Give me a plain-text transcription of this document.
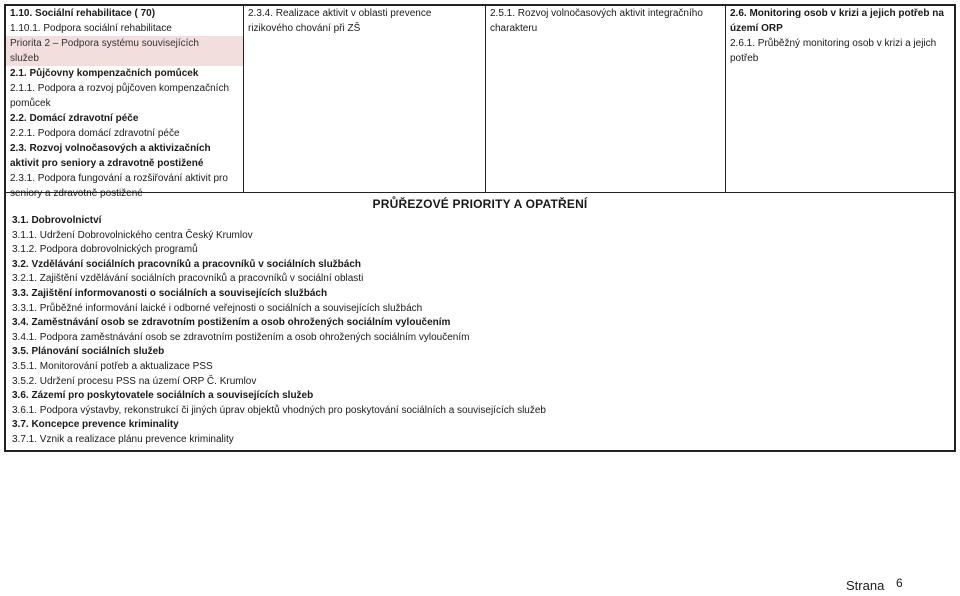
1.10. Sociální rehabilitace ( 70)
1.10.1. Podpora sociální rehabilitace
Priorita 2 – Podpora systému souvisejících
služeb
2.1. Půjčovny kompenzačních pomůcek
2.1.1. Podpora a rozvoj půjčoven kompenzačních
pomůcek
2.2. Domácí zdravotní péče
2.2.1. Podpora domácí zdravotní péče
2.3. Rozvoj volnočasových a aktivizačních
aktivit pro seniory a zdravotně postižené
2.3.1. Podpora fungování a rozšiřování aktivit pro
seniory a zdravotně postižené
2.3.4. Realizace aktivit v oblasti prevence
rizikového chování při ZŠ
2.5.1. Rozvoj volnočasových aktivit integračního
charakteru
2.6. Monitoring osob v krizi a jejich potřeb na
území ORP
2.6.1. Průběžný monitoring osob v krizi a jejich
potřeb
PRŮŘEZOVÉ PRIORITY A OPATŘENÍ
3.1. Dobrovolnictví
3.1.1. Udržení Dobrovolnického centra Český Krumlov
3.1.2. Podpora dobrovolnických programů
3.2. Vzdělávání sociálních pracovníků a pracovníků v sociálních službách
3.2.1. Zajištění vzdělávání sociálních pracovníků a pracovníků v sociální oblasti
3.3. Zajištění informovanosti o sociálních a souvisejících službách
3.3.1. Průběžné informování laické i odborné veřejnosti o sociálních a souvisejících službách
3.4. Zaměstnávání osob se zdravotním postižením a osob ohrožených sociálním vyloučením
3.4.1. Podpora zaměstnávání osob se zdravotním postižením a osob ohrožených sociálním vyloučením
3.5. Plánování sociálních služeb
3.5.1. Monitorování potřeb a aktualizace PSS
3.5.2. Udržení procesu PSS na území ORP Č. Krumlov
3.6. Zázemí pro poskytovatele sociálních a souvisejících služeb
3.6.1. Podpora výstavby, rekonstrukcí či jiných úprav objektů vhodných pro poskytování sociálních a souvisejících služeb
3.7. Koncepce prevence kriminality
3.7.1. Vznik a realizace plánu prevence kriminality
Strana 6
